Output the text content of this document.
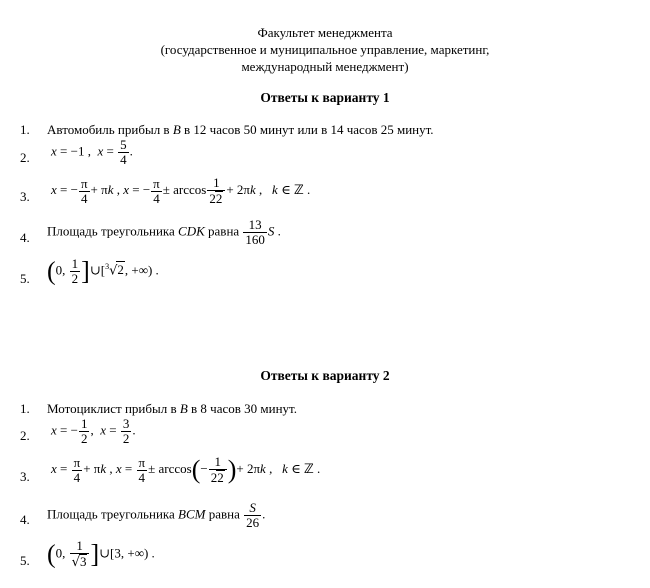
Факультет менеджмента
(государственное и муниципальное управление, маркетинг,
международный менеджмент)
Ответы к варианту 1
1. Автомобиль прибыл в B в 12 часов 50 минут или в 14 часов 25 минут.
2. x = −1 ,  $x = \frac{5}{4}$ .
3. x = − $\frac{\pi}{4} + \pi k$ , x = − $\frac{\pi}{4} \pm \arccos \frac{1}{22} + 2\pi k$ ,   k ∈ ℤ .
4. Площадь треугольника CDK равна $\frac{13}{160}$ S .
5. (0, $\frac{1}{2}$ ]∪[$^3$√2, +∞) .
Ответы к варианту 2
1. Мотоциклист прибыл в B в 8 часов 30 минут.
2. x = − $\frac{1}{2}$ ,  $x = \frac{3}{2}$ .
3.
$x = \frac{\pi}{4} + \pi k$ , $x = \frac{\pi}{4} \pm \arccos(- \frac{1}{22}$ )+ 2πk ,   k ∈ ℤ .
4. Площадь треугольника BCM равна $\frac{S}{26}$ .
5. (0, $\frac{1}{√3}$ ]∪[3, +∞) .
